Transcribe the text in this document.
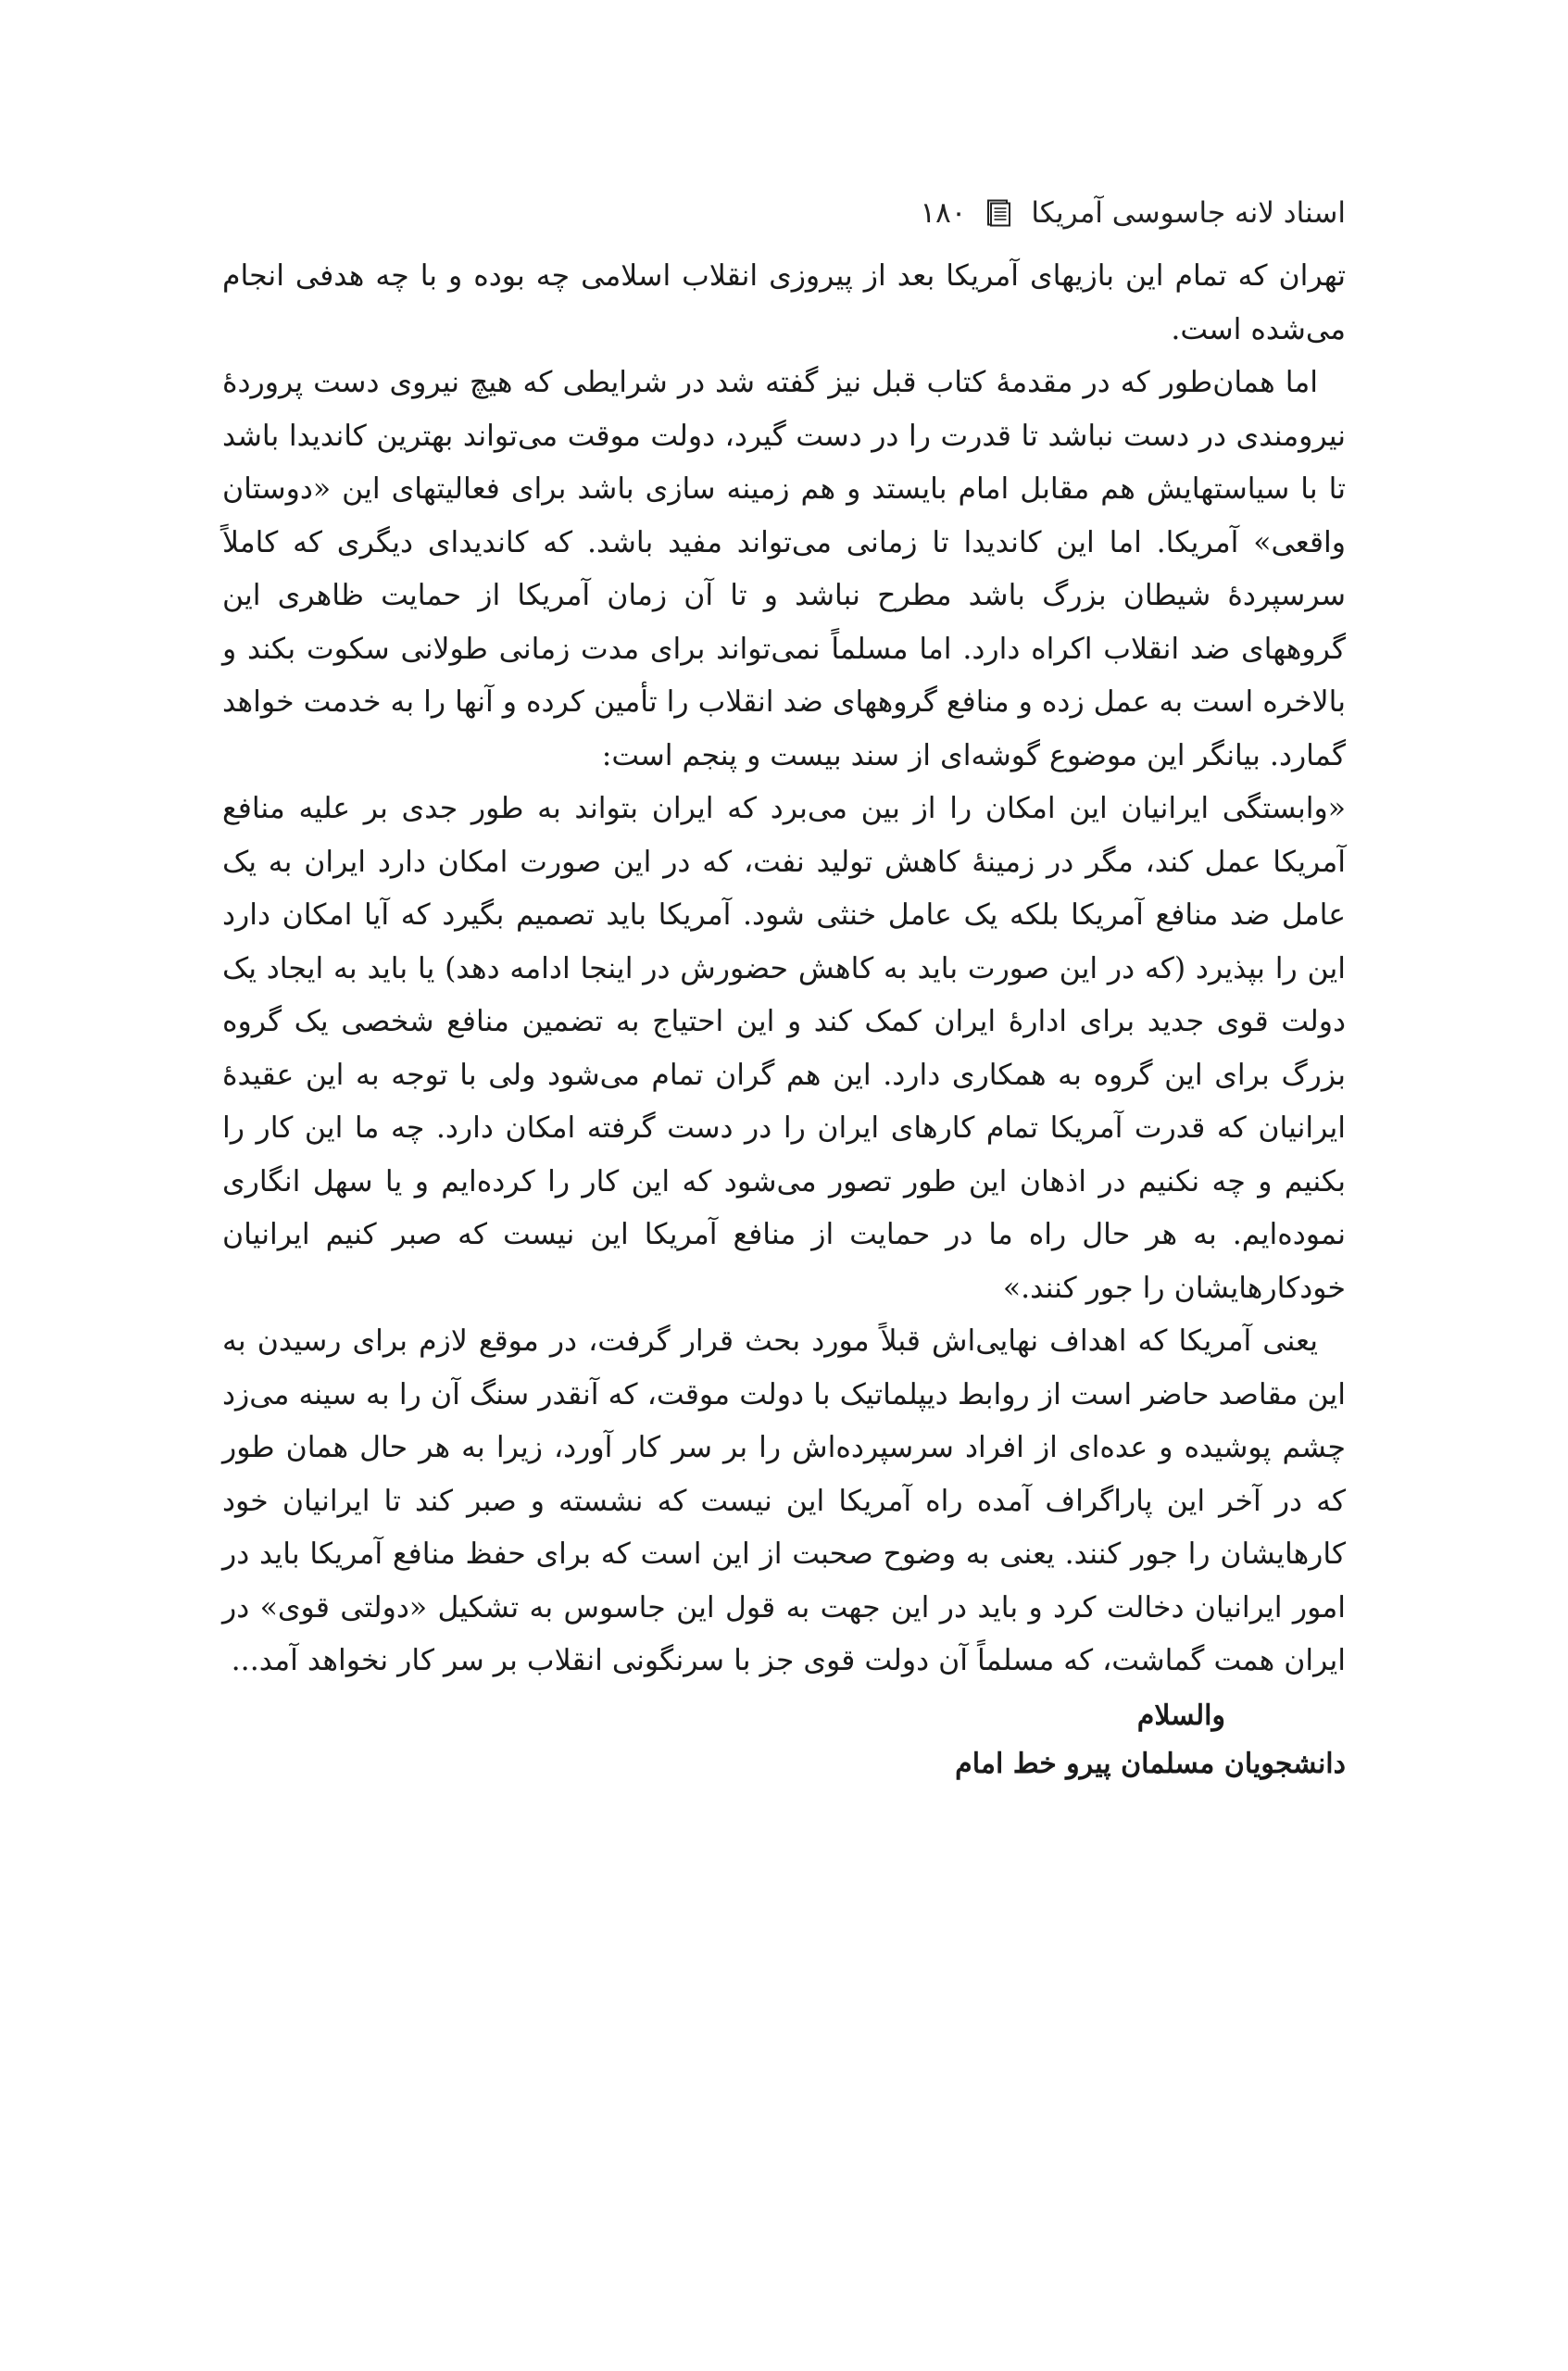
اسناد لانه جاسوسی آمریکا
۱۸۰

تهران که تمام این بازیهای آمریکا بعد از پیروزی انقلاب اسلامی چه بوده و با چه هدفی انجام می‌شده است.

اما همان‌طور که در مقدمهٔ کتاب قبل نیز گفته شد در شرایطی که هیچ نیروی دست پروردهٔ نیرومندی در دست نباشد تا قدرت را در دست گیرد، دولت موقت می‌تواند بهترین کاندیدا باشد تا با سیاستهایش هم مقابل امام بایستد و هم زمینه سازی باشد برای فعالیتهای این «دوستان واقعی» آمریکا. اما این کاندیدا تا زمانی می‌تواند مفید باشد. که کاندیدای دیگری که کاملاً سرسپردهٔ شیطان بزرگ باشد مطرح نباشد و تا آن زمان آمریکا از حمایت ظاهری این گروههای ضد انقلاب اکراه دارد. اما مسلماً نمی‌تواند برای مدت زمانی طولانی سکوت بکند و بالاخره است به عمل زده و منافع گروههای ضد انقلاب را تأمین کرده و آنها را به خدمت خواهد گمارد. بیانگر این موضوع گوشه‌ای از سند بیست و پنجم است:

«وابستگی ایرانیان این امکان را از بین می‌برد که ایران بتواند به طور جدی بر علیه منافع آمریکا عمل کند، مگر در زمینهٔ کاهش تولید نفت، که در این صورت امکان دارد ایران به یک عامل ضد منافع آمریکا بلکه یک عامل خنثی شود. آمریکا باید تصمیم بگیرد که آیا امکان دارد این را بپذیرد (که در این صورت باید به کاهش حضورش در اینجا ادامه دهد) یا باید به ایجاد یک دولت قوی جدید برای ادارهٔ ایران کمک کند و این احتیاج به تضمین منافع شخصی یک گروه بزرگ برای این گروه به همکاری دارد. این هم گران تمام می‌شود ولی با توجه به این عقیدهٔ ایرانیان که قدرت آمریکا تمام کارهای ایران را در دست گرفته امکان دارد. چه ما این کار را بکنیم و چه نکنیم در اذهان این طور تصور می‌شود که این کار را کرده‌ایم و یا سهل انگاری نموده‌ایم. به هر حال راه ما در حمایت از منافع آمریکا این نیست که صبر کنیم ایرانیان خودکارهایشان را جور کنند.»

یعنی آمریکا که اهداف نهایی‌اش قبلاً مورد بحث قرار گرفت، در موقع لازم برای رسیدن به این مقاصد حاضر است از روابط دیپلماتیک با دولت موقت، که آنقدر سنگ آن را به سینه می‌زد چشم پوشیده و عده‌ای از افراد سرسپرده‌اش را بر سر کار آورد، زیرا به هر حال همان طور که در آخر این پاراگراف آمده راه آمریکا این نیست که نشسته و صبر کند تا ایرانیان خود کارهایشان را جور کنند. یعنی به وضوح صحبت از این است که برای حفظ منافع آمریکا باید در امور ایرانیان دخالت کرد و باید در این جهت به قول این جاسوس به تشکیل «دولتی قوی» در ایران همت گماشت، که مسلماً آن دولت قوی جز با سرنگونی انقلاب بر سر کار نخواهد آمد...

والسلام
دانشجویان مسلمان پیرو خط امام
